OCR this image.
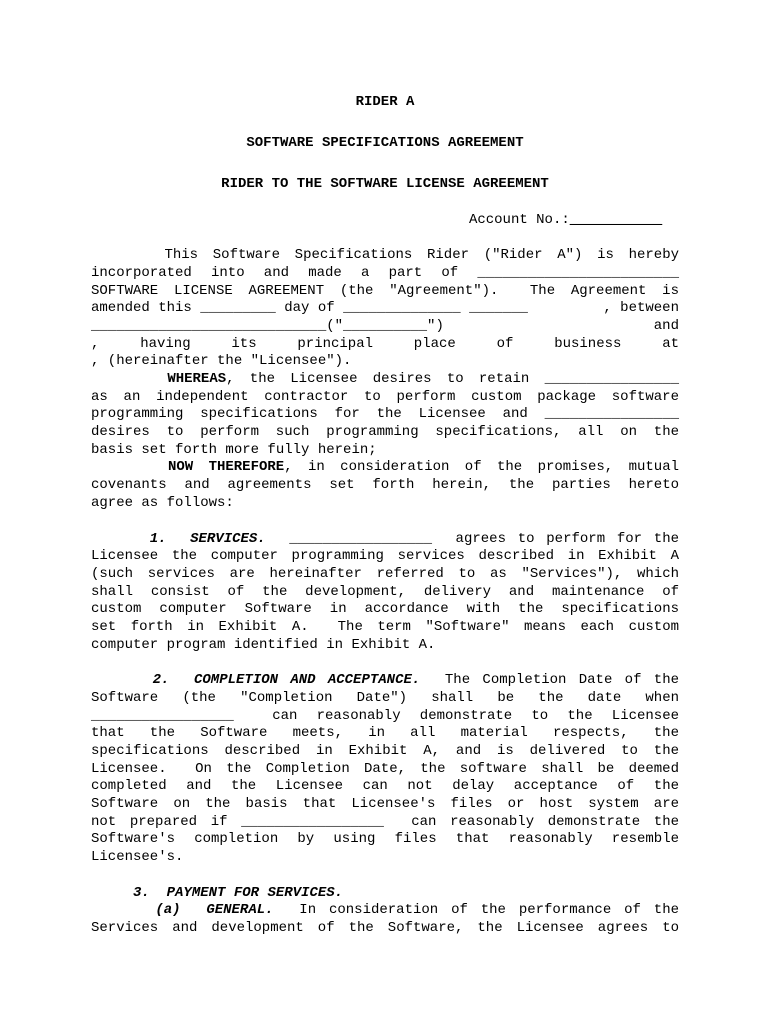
RIDER A
SOFTWARE SPECIFICATIONS AGREEMENT
RIDER TO THE SOFTWARE LICENSE AGREEMENT
Account No.:___________
This Software Specifications Rider ("Rider A") is hereby
incorporated into and made a part of ________________________
SOFTWARE LICENSE AGREEMENT (the "Agreement").  The Agreement is
amended this _________ day of ______________ _______	, between
____________________________("__________")	and
,	having	its	principal	place	of	business	at
, (hereinafter the "Licensee").
WHEREAS, the Licensee desires to retain ________________
as an independent contractor to perform custom package software
programming specifications for the Licensee and ________________
desires to perform such programming specifications, all on the
basis set forth more fully herein;
NOW THEREFORE, in consideration of the promises, mutual
covenants and agreements set forth herein, the parties hereto
agree as follows:
1.  SERVICES.  _________________  agrees to perform for the
Licensee the computer programming services described in Exhibit A
(such services are hereinafter referred to as "Services"), which
shall consist of the development, delivery and maintenance of
custom computer Software in accordance with the specifications
set forth in Exhibit A.  The term "Software" means each custom
computer program identified in Exhibit A.
2.  COMPLETION AND ACCEPTANCE.  The Completion Date of the
Software (the "Completion Date") shall be the date when
_________________  can reasonably demonstrate to the Licensee
that the Software meets, in all material respects, the
specifications described in Exhibit A, and is delivered to the
Licensee.  On the Completion Date, the software shall be deemed
completed and the Licensee can not delay acceptance of the
Software on the basis that Licensee's files or host system are
not prepared if _________________  can reasonably demonstrate the
Software's completion by using files that reasonably resemble
Licensee's.
3.  PAYMENT FOR SERVICES.
(a)  GENERAL.  In consideration of the performance of the
Services and development of the Software, the Licensee agrees to
